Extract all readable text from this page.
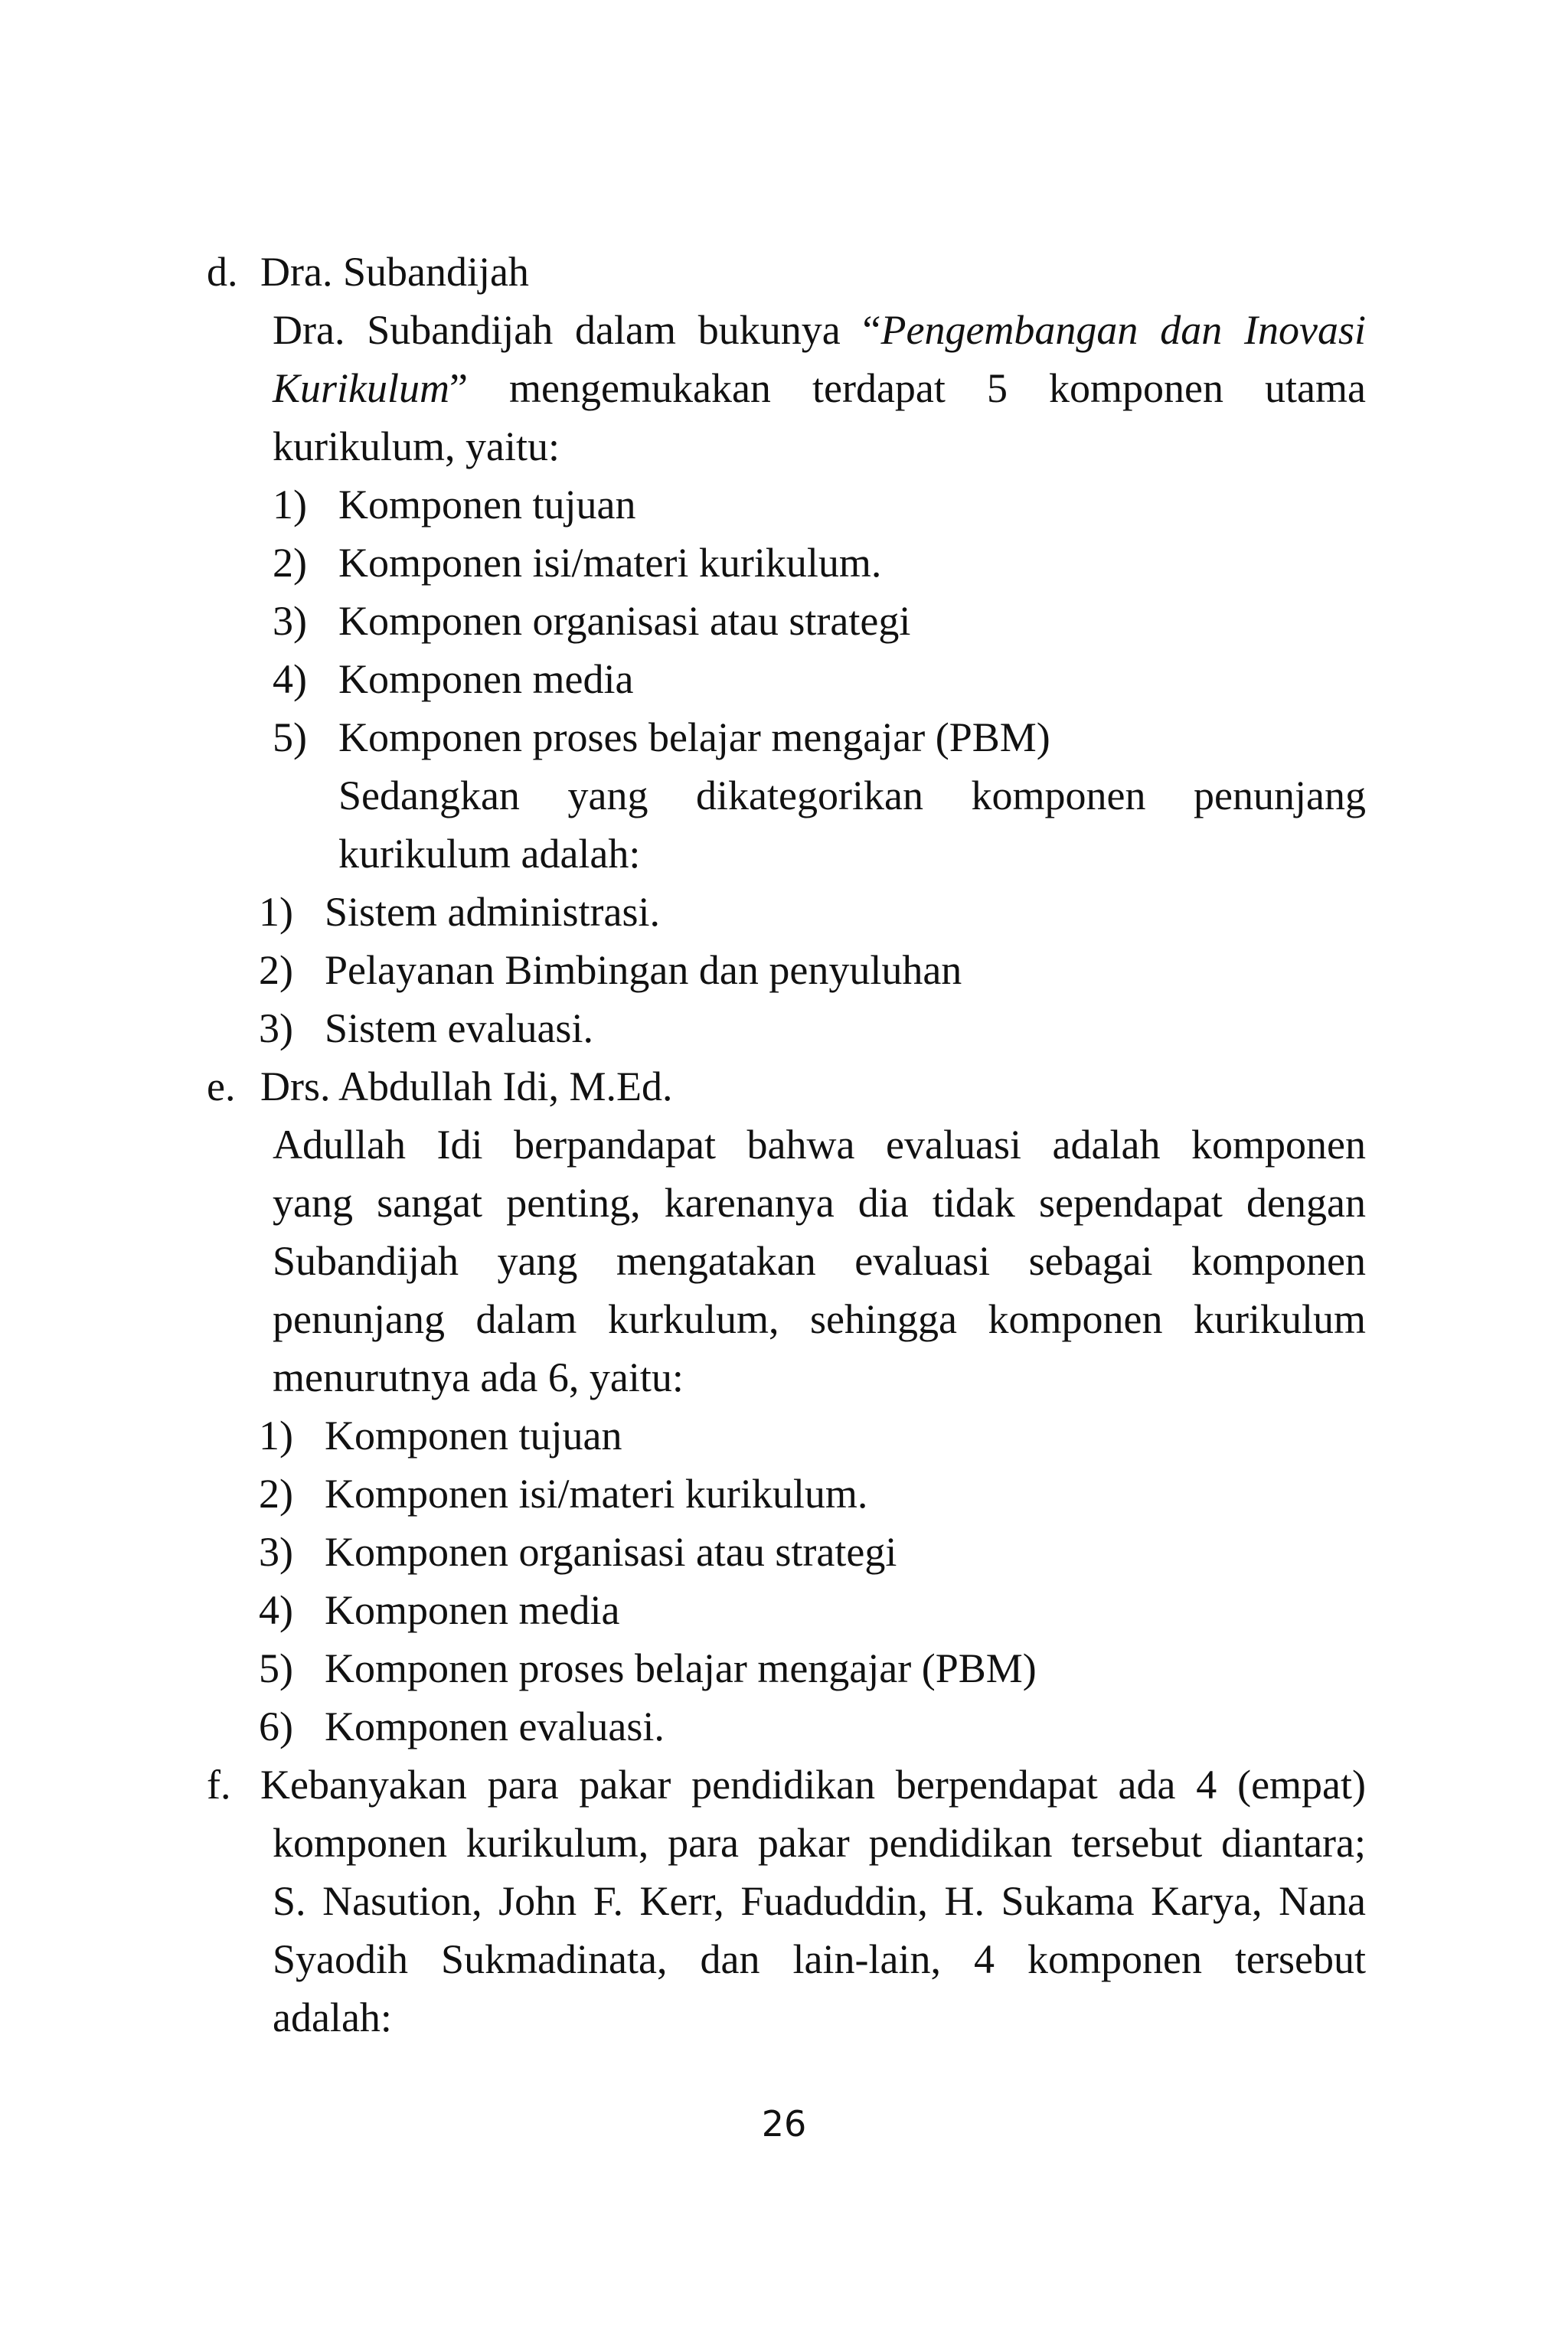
d. Dra. Subandijah
Dra. Subandijah dalam bukunya “Pengembangan dan Inovasi
Kurikulum” mengemukakan terdapat 5 komponen utama
kurikulum, yaitu:
1) Komponen tujuan
2) Komponen isi/materi kurikulum.
3) Komponen organisasi atau strategi
4) Komponen media
5) Komponen proses belajar mengajar (PBM)
Sedangkan yang dikategorikan komponen penunjang
kurikulum adalah:
1) Sistem administrasi.
2) Pelayanan Bimbingan dan penyuluhan
3) Sistem evaluasi.
e. Drs. Abdullah Idi, M.Ed.
Adullah Idi berpandapat bahwa evaluasi adalah komponen
yang sangat penting, karenanya dia tidak sependapat dengan
Subandijah yang mengatakan evaluasi sebagai komponen
penunjang dalam kurkulum, sehingga komponen kurikulum
menurutnya ada 6, yaitu:
1) Komponen tujuan
2) Komponen isi/materi kurikulum.
3) Komponen organisasi atau strategi
4) Komponen media
5) Komponen proses belajar mengajar (PBM)
6) Komponen evaluasi.
f. Kebanyakan para pakar pendidikan berpendapat ada 4 (empat)
komponen kurikulum, para pakar pendidikan tersebut diantara;
S. Nasution, John F. Kerr, Fuaduddin, H. Sukama Karya, Nana
Syaodih Sukmadinata, dan lain-lain, 4 komponen tersebut
adalah:
26
